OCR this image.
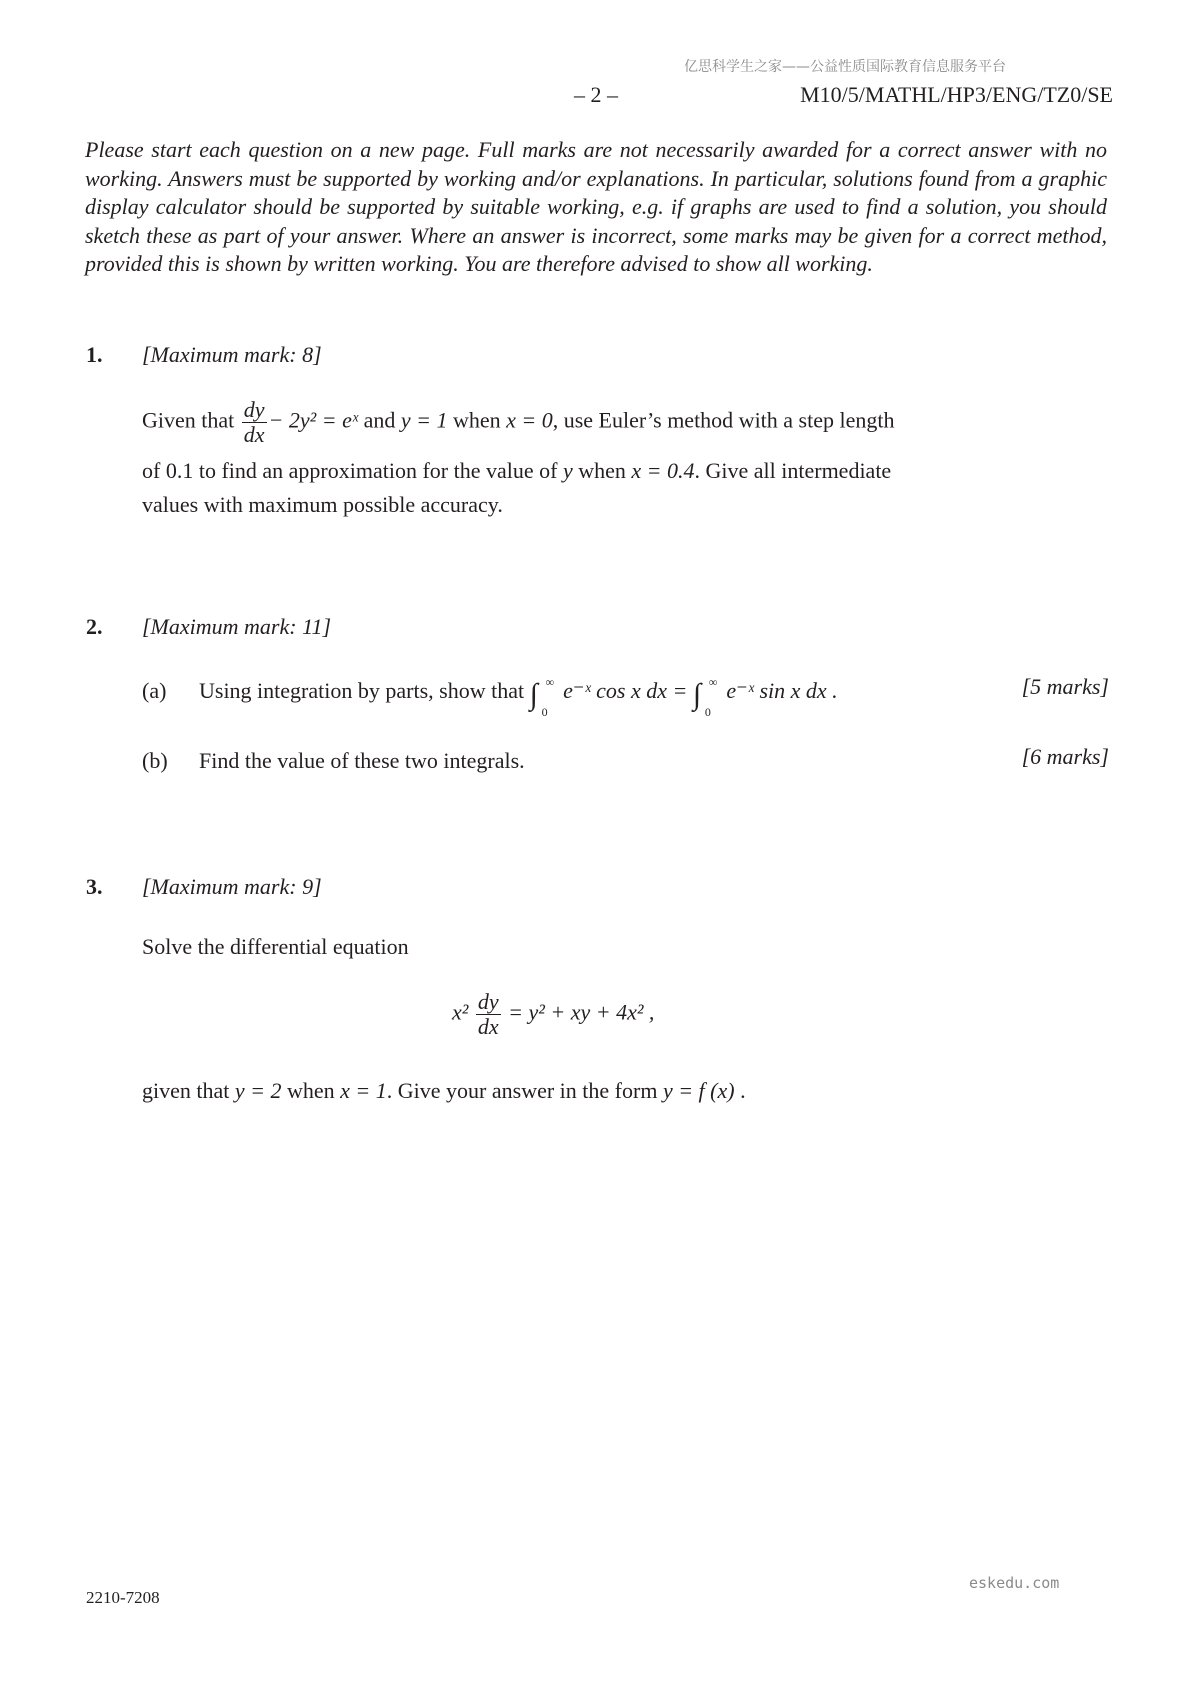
亿思科学生之家——公益性质国际教育信息服务平台
– 2 –	M10/5/MATHL/HP3/ENG/TZ0/SE
Please start each question on a new page. Full marks are not necessarily awarded for a correct answer with no working. Answers must be supported by working and/or explanations. In particular, solutions found from a graphic display calculator should be supported by suitable working, e.g. if graphs are used to find a solution, you should sketch these as part of your answer. Where an answer is incorrect, some marks may be given for a correct method, provided this is shown by written working. You are therefore advised to show all working.
1. [Maximum mark: 8]
Given that $\frac{dy}{dx} - 2y^2$ = eˣ and y = 1 when x = 0, use Euler’s method with a step length
of 0.1 to find an approximation for the value of y when x = 0.4. Give all intermediate
values with maximum possible accuracy.
2. [Maximum mark: 11]
(a) Using integration by parts, show that ∫ ∞
0
e⁻ˣ cos x dx = ∫ ∞
0
e⁻ˣ sin x dx .	[5 marks]
(b) Find the value of these two integrals.	[6 marks]
3. [Maximum mark: 9]
Solve the differential equation
$x^2 \frac{dy}{dx} = y^2$ + xy + 4x² ,
given that y = 2 when x = 1. Give your answer in the form y = f (x) .
2210-7208
eskedu.com
